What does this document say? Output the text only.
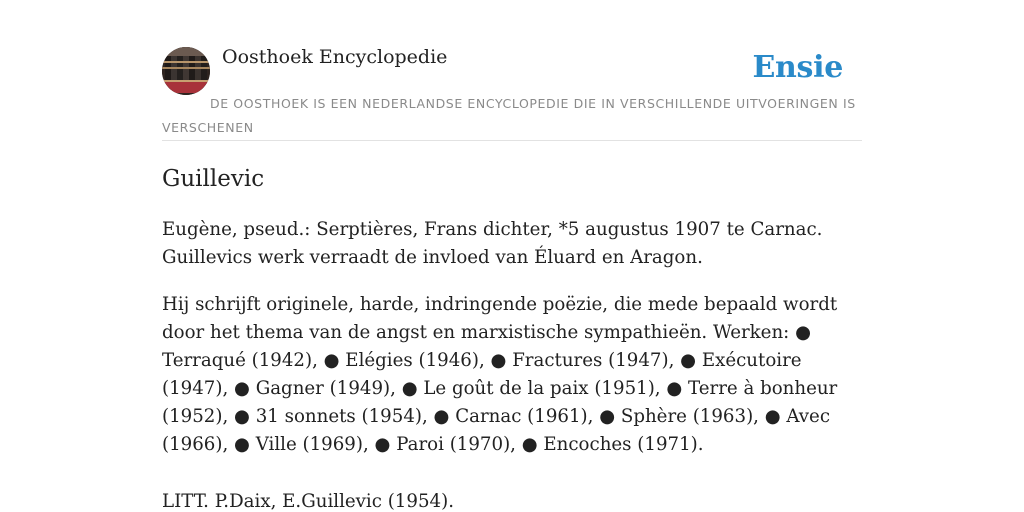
Oosthoek Encyclopedie	Ensie
DE OOSTHOEK IS EEN NEDERLANDSE ENCYCLOPEDIE DIE IN VERSCHILLENDE UITVOERINGEN IS VERSCHENEN
Guillevic

Eugène, pseud.: Serptières, Frans dichter, *5 augustus 1907 te Carnac. Guillevics werk verraadt de invloed van Éluard en Aragon.

Hij schrijft originele, harde, indringende poëzie, die mede bepaald wordt door het thema van de angst en marxistische sympathieën. Werken: ● Terraqué (1942), ● Elégies (1946), ● Fractures (1947), ● Exécutoire (1947), ● Gagner (1949), ● Le goût de la paix (1951), ● Terre à bonheur (1952), ● 31 sonnets (1954), ● Carnac (1961), ● Sphère (1963), ● Avec (1966), ● Ville (1969), ● Paroi (1970), ● Encoches (1971).

LITT. P.Daix, E.Guillevic (1954).
